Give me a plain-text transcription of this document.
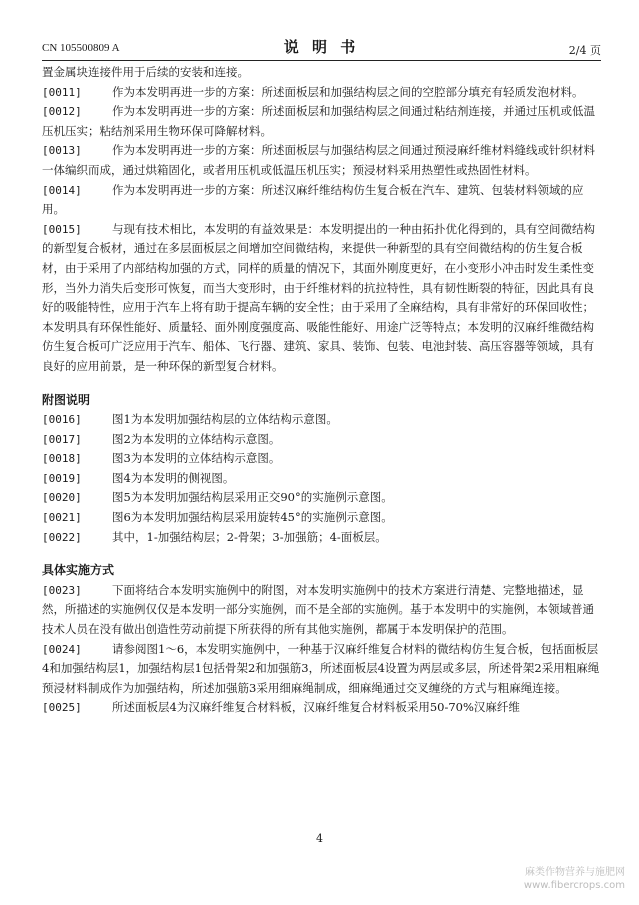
CN 105500809 A	说 明 书	2/4 页

置金属块连接件用于后续的安装和连接。

[0011]	作为本发明再进一步的方案：所述面板层和加强结构层之间的空腔部分填充有轻质发泡材料。

[0012]	作为本发明再进一步的方案：所述面板层和加强结构层之间通过粘结剂连接，并通过压机或低温压机压实；粘结剂采用生物环保可降解材料。

[0013]	作为本发明再进一步的方案：所述面板层与加强结构层之间通过预浸麻纤维材料缝线或针织材料一体编织而成，通过烘箱固化，或者用压机或低温压机压实；预浸材料采用热塑性或热固性材料。

[0014]	作为本发明再进一步的方案：所述汉麻纤维结构仿生复合板在汽车、建筑、包装材料领域的应用。

[0015]	与现有技术相比，本发明的有益效果是：本发明提出的一种由拓扑优化得到的，具有空间微结构的新型复合板材，通过在多层面板层之间增加空间微结构，来提供一种新型的具有空间微结构的仿生复合板材，由于采用了内部结构加强的方式，同样的质量的情况下，其面外刚度更好，在小变形小冲击时发生柔性变形，当外力消失后变形可恢复，而当大变形时，由于纤维材料的抗拉特性，具有韧性断裂的特征，因此具有良好的吸能特性，应用于汽车上将有助于提高车辆的安全性；由于采用了全麻结构，具有非常好的环保回收性；本发明具有环保性能好、质量轻、面外刚度强度高、吸能性能好、用途广泛等特点；本发明的汉麻纤维微结构仿生复合板可广泛应用于汽车、船体、飞行器、建筑、家具、装饰、包装、电池封装、高压容器等领域，具有良好的应用前景，是一种环保的新型复合材料。

附图说明

[0016]	图1为本发明加强结构层的立体结构示意图。

[0017]	图2为本发明的立体结构示意图。

[0018]	图3为本发明的立体结构示意图。

[0019]	图4为本发明的侧视图。

[0020]	图5为本发明加强结构层采用正交90°的实施例示意图。

[0021]	图6为本发明加强结构层采用旋转45°的实施例示意图。

[0022]	其中，1-加强结构层；2-骨架；3-加强筋；4-面板层。

具体实施方式

[0023]	下面将结合本发明实施例中的附图，对本发明实施例中的技术方案进行清楚、完整地描述，显然，所描述的实施例仅仅是本发明一部分实施例，而不是全部的实施例。基于本发明中的实施例，本领域普通技术人员在没有做出创造性劳动前提下所获得的所有其他实施例，都属于本发明保护的范围。

[0024]	请参阅图1～6，本发明实施例中，一种基于汉麻纤维复合材料的微结构仿生复合板，包括面板层4和加强结构层1，加强结构层1包括骨架2和加强筋3，所述面板层4设置为两层或多层，所述骨架2采用粗麻绳预浸材料制成作为加强结构，所述加强筋3采用细麻绳制成，细麻绳通过交叉缠绕的方式与粗麻绳连接。

[0025]	所述面板层4为汉麻纤维复合材料板，汉麻纤维复合材料板采用50-70%汉麻纤维

4
麻类作物营养与施肥网
www.fibercrops.com
